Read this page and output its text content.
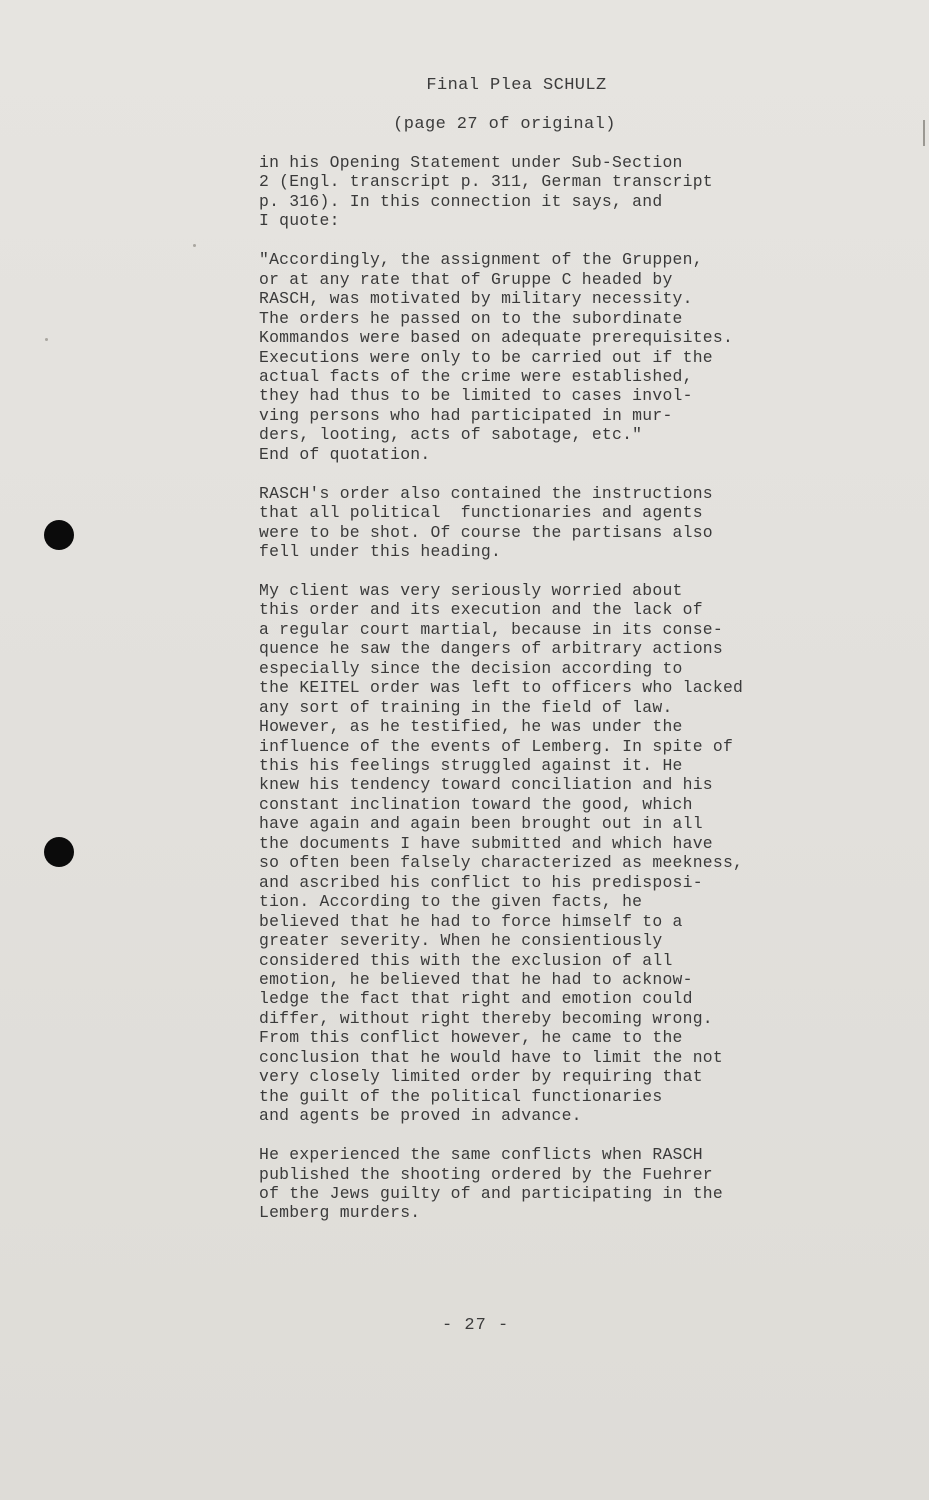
Final Plea SCHULZ

(page 27 of original)

in his Opening Statement under Sub-Section
2 (Engl. transcript p. 311, German transcript
p. 316). In this connection it says, and
I quote:

"Accordingly, the assignment of the Gruppen,
or at any rate that of Gruppe C headed by
RASCH, was motivated by military necessity.
The orders he passed on to the subordinate
Kommandos were based on adequate prerequisites.
Executions were only to be carried out if the
actual facts of the crime were established,
they had thus to be limited to cases invol-
ving persons who had participated in mur-
ders, looting, acts of sabotage, etc."
End of quotation.

RASCH's order also contained the instructions
that all political  functionaries and agents
were to be shot. Of course the partisans also
fell under this heading.

My client was very seriously worried about
this order and its execution and the lack of
a regular court martial, because in its conse-
quence he saw the dangers of arbitrary actions
especially since the decision according to
the KEITEL order was left to officers who lacked
any sort of training in the field of law.
However, as he testified, he was under the
influence of the events of Lemberg. In spite of
this his feelings struggled against it. He
knew his tendency toward conciliation and his
constant inclination toward the good, which
have again and again been brought out in all
the documents I have submitted and which have
so often been falsely characterized as meekness,
and ascribed his conflict to his predisposi-
tion. According to the given facts, he
believed that he had to force himself to a
greater severity. When he consientiously
considered this with the exclusion of all
emotion, he believed that he had to acknow-
ledge the fact that right and emotion could
differ, without right thereby becoming wrong.
From this conflict however, he came to the
conclusion that he would have to limit the not
very closely limited order by requiring that
the guilt of the political functionaries
and agents be proved in advance.

He experienced the same conflicts when RASCH
published the shooting ordered by the Fuehrer
of the Jews guilty of and participating in the
Lemberg murders.

- 27 -
